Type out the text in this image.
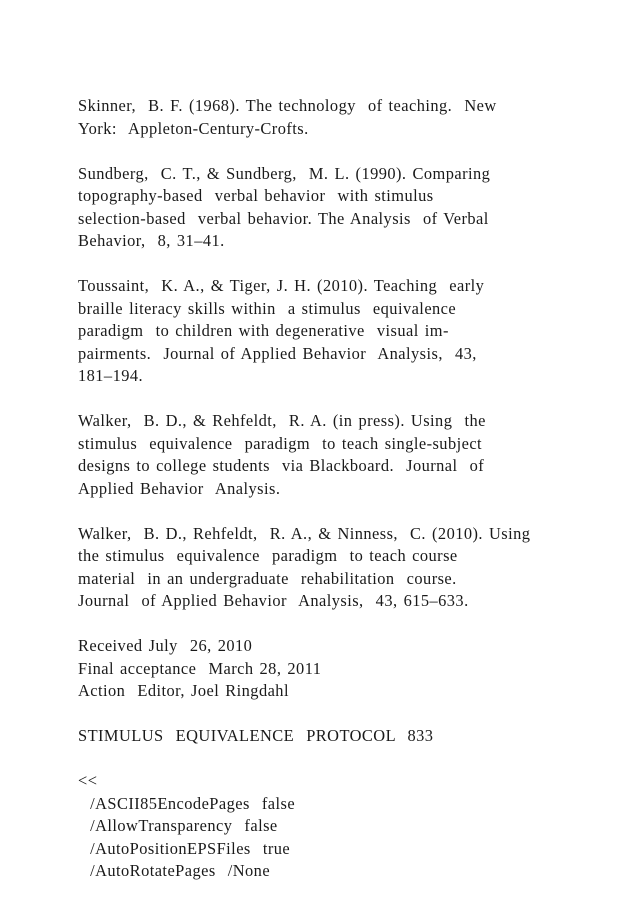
Skinner,  B. F. (1968). The technology  of teaching.  New
York:  Appleton-Century-Crofts.
Sundberg,  C. T., & Sundberg,  M. L. (1990). Comparing
topography-based  verbal behavior  with stimulus
selection-based  verbal behavior. The Analysis  of Verbal
Behavior,  8, 31–41.
Toussaint,  K. A., & Tiger, J. H. (2010). Teaching  early
braille literacy skills within  a stimulus  equivalence
paradigm  to children with degenerative  visual im-
pairments.  Journal of Applied Behavior  Analysis,  43,
181–194.
Walker,  B. D., & Rehfeldt,  R. A. (in press). Using  the
stimulus  equivalence  paradigm  to teach single-subject
designs to college students  via Blackboard.  Journal  of
Applied Behavior  Analysis.
Walker,  B. D., Rehfeldt,  R. A., & Ninness,  C. (2010). Using
the stimulus  equivalence  paradigm  to teach course
material  in an undergraduate  rehabilitation  course.
Journal  of Applied Behavior  Analysis,  43, 615–633.
Received July  26, 2010
Final acceptance  March 28, 2011
Action  Editor, Joel Ringdahl
STIMULUS  EQUIVALENCE  PROTOCOL  833
<<
/ASCII85EncodePages  false
/AllowTransparency  false
/AutoPositionEPSFiles  true
/AutoRotatePages  /None
